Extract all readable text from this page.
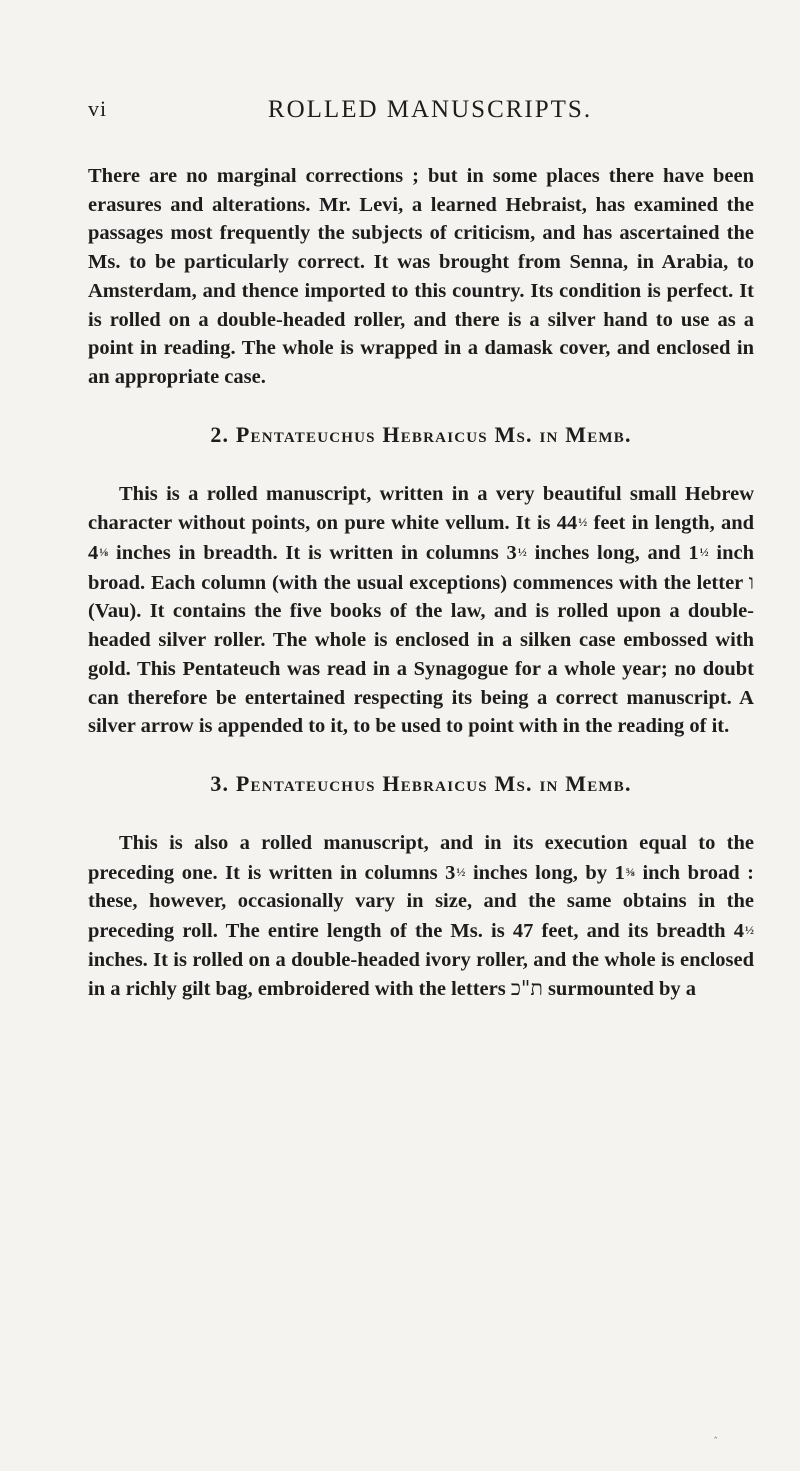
vi	ROLLED MANUSCRIPTS.

There are no marginal corrections ; but in some places there have been erasures and alterations. Mr. Levi, a learned Hebraist, has examined the passages most frequently the subjects of criticism, and has ascertained the Ms. to be particularly correct. It was brought from Senna, in Arabia, to Amsterdam, and thence imported to this country. Its condition is perfect. It is rolled on a double-headed roller, and there is a silver hand to use as a point in reading. The whole is wrapped in a damask cover, and enclosed in an appropriate case.

2. Pentateuchus Hebraicus Ms. in Memb.

This is a rolled manuscript, written in a very beautiful small Hebrew character without points, on pure white vellum. It is 44½ feet in length, and 4⅛ inches in breadth. It is written in columns 3½ inches long, and 1½ inch broad. Each column (with the usual exceptions) commences with the letter ו (Vau). It contains the five books of the law, and is rolled upon a double-headed silver roller. The whole is enclosed in a silken case embossed with gold. This Pentateuch was read in a Synagogue for a whole year; no doubt can therefore be entertained respecting its being a correct manuscript. A silver arrow is appended to it, to be used to point with in the reading of it.

3. Pentateuchus Hebraicus Ms. in Memb.

This is also a rolled manuscript, and in its execution equal to the preceding one. It is written in columns 3½ inches long, by 1⅝ inch broad : these, however, occasionally vary in size, and the same obtains in the preceding roll. The entire length of the Ms. is 47 feet, and its breadth 4½ inches. It is rolled on a double-headed ivory roller, and the whole is enclosed in a richly gilt bag, embroidered with the letters ת"כ surmounted by a

‸
